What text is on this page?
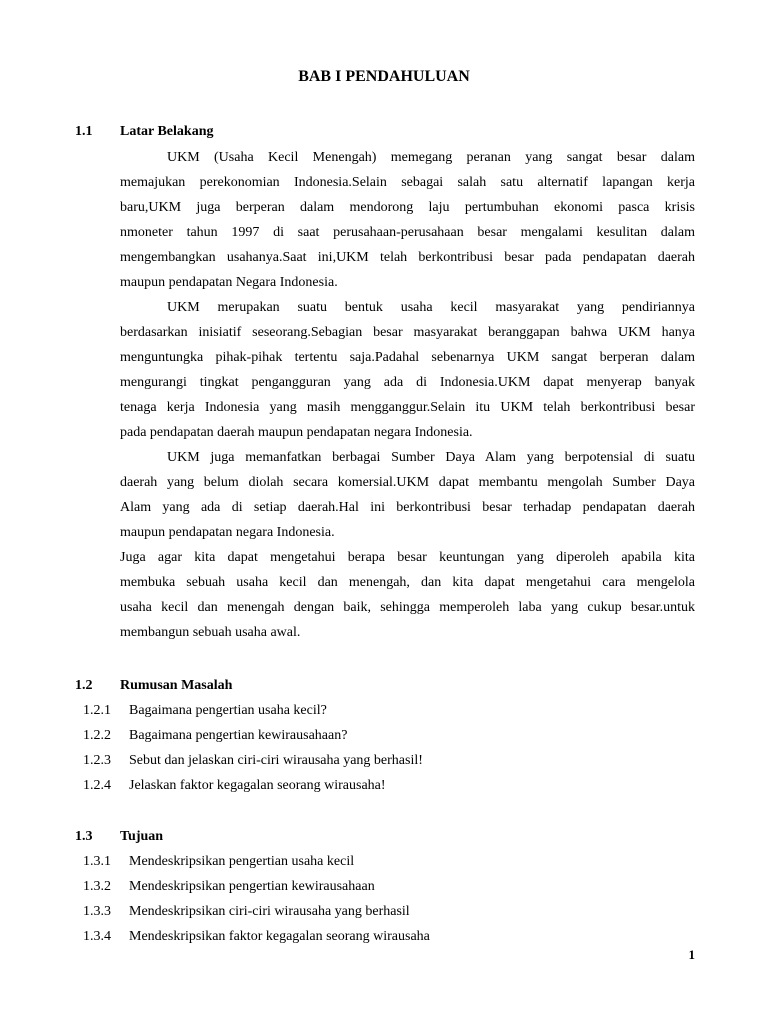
BAB I PENDAHULUAN
1.1 Latar Belakang
UKM (Usaha Kecil Menengah) memegang peranan yang sangat besar dalam
memajukan perekonomian Indonesia.Selain sebagai salah satu alternatif lapangan kerja
baru,UKM juga berperan dalam mendorong laju pertumbuhan ekonomi pasca krisis
nmoneter tahun 1997 di saat perusahaan-perusahaan besar mengalami kesulitan dalam
mengembangkan usahanya.Saat ini,UKM telah berkontribusi besar pada pendapatan daerah
maupun pendapatan Negara Indonesia.
UKM merupakan suatu bentuk usaha kecil masyarakat yang pendiriannya
berdasarkan inisiatif seseorang.Sebagian besar masyarakat beranggapan bahwa UKM hanya
menguntungka pihak-pihak tertentu saja.Padahal sebenarnya UKM sangat berperan dalam
mengurangi tingkat pengangguran yang ada di Indonesia.UKM dapat menyerap banyak
tenaga kerja Indonesia yang masih mengganggur.Selain itu UKM telah berkontribusi besar
pada pendapatan daerah maupun pendapatan negara Indonesia.
UKM juga memanfatkan berbagai Sumber Daya Alam yang berpotensial di suatu
daerah yang belum diolah secara komersial.UKM dapat membantu mengolah Sumber Daya
Alam yang ada di setiap daerah.Hal ini berkontribusi besar terhadap pendapatan daerah
maupun pendapatan negara Indonesia.
Juga agar kita dapat mengetahui berapa besar keuntungan yang diperoleh apabila kita
membuka sebuah usaha kecil dan menengah, dan kita dapat mengetahui cara mengelola
usaha kecil dan menengah dengan baik, sehingga memperoleh laba yang cukup besar.untuk
membangun sebuah usaha awal.
1.2 Rumusan Masalah
1.2.1 Bagaimana pengertian usaha kecil?
1.2.2 Bagaimana pengertian kewirausahaan?
1.2.3 Sebut dan jelaskan ciri-ciri wirausaha yang berhasil!
1.2.4 Jelaskan faktor kegagalan seorang wirausaha!
1.3 Tujuan
1.3.1 Mendeskripsikan pengertian usaha kecil
1.3.2 Mendeskripsikan pengertian kewirausahaan
1.3.3 Mendeskripsikan ciri-ciri wirausaha yang berhasil
1.3.4 Mendeskripsikan faktor kegagalan seorang wirausaha
1
